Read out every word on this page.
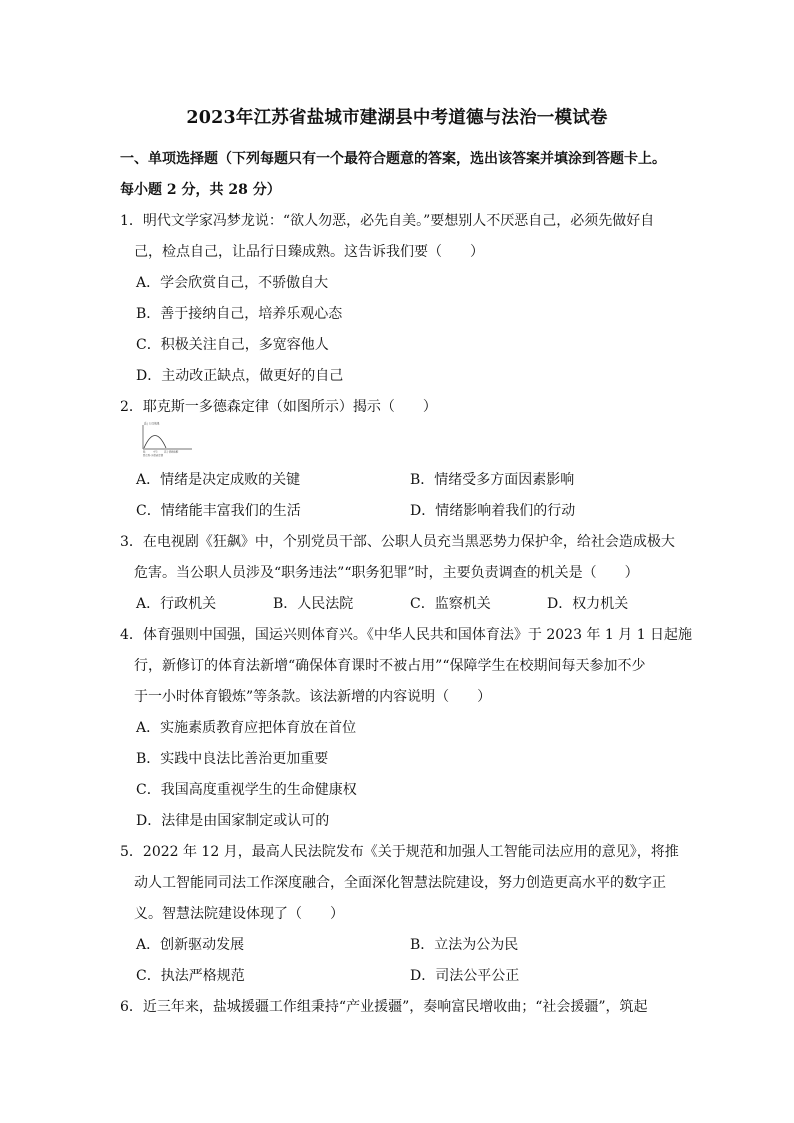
2023年江苏省盐城市建湖县中考道德与法治一模试卷
一、单项选择题（下列每题只有一个最符合题意的答案，选出该答案并填涂到答题卡上。
每小题 2 分，共 28 分）
1．明代文学家冯梦龙说：“欲人勿恶，必先自美。”要想别人不厌恶自己，必须先做好自
己，检点自己，让品行日臻成熟。这告诉我们要（　　）
A．学会欣赏自己，不骄傲自大
B．善于接纳自己，培养乐观心态
C．积极关注自己，多宽容他人
D．主动改正缺点，做更好的自己
2．耶克斯一多德森定律（如图所示）揭示（　　）
高 | 行为效果
低	中等	高 | 情绪唤醒
耶克斯-多德森定律
A．情绪是决定成败的关键	B．情绪受多方面因素影响
C．情绪能丰富我们的生活	D．情绪影响着我们的行动
3．在电视剧《狂飙》中，个别党员干部、公职人员充当黑恶势力保护伞，给社会造成极大
危害。当公职人员涉及“职务违法”“职务犯罪”时，主要负责调查的机关是（　　）
A．行政机关	B．人民法院	C．监察机关	D．权力机关
4．体育强则中国强，国运兴则体育兴。《中华人民共和国体育法》于 2023 年 1 月 1 日起施
行，新修订的体育法新增“确保体育课时不被占用”“保障学生在校期间每天参加不少
于一小时体育锻炼”等条款。该法新增的内容说明（　　）
A．实施素质教育应把体育放在首位
B．实践中良法比善治更加重要
C．我国高度重视学生的生命健康权
D．法律是由国家制定或认可的
5．2022 年 12 月，最高人民法院发布《关于规范和加强人工智能司法应用的意见》，将推
动人工智能同司法工作深度融合，全面深化智慧法院建设，努力创造更高水平的数字正
义。智慧法院建设体现了（　　）
A．创新驱动发展	B．立法为公为民
C．执法严格规范	D．司法公平公正
6．近三年来，盐城援疆工作组秉持“产业援疆”，奏响富民增收曲；“社会援疆”，筑起
